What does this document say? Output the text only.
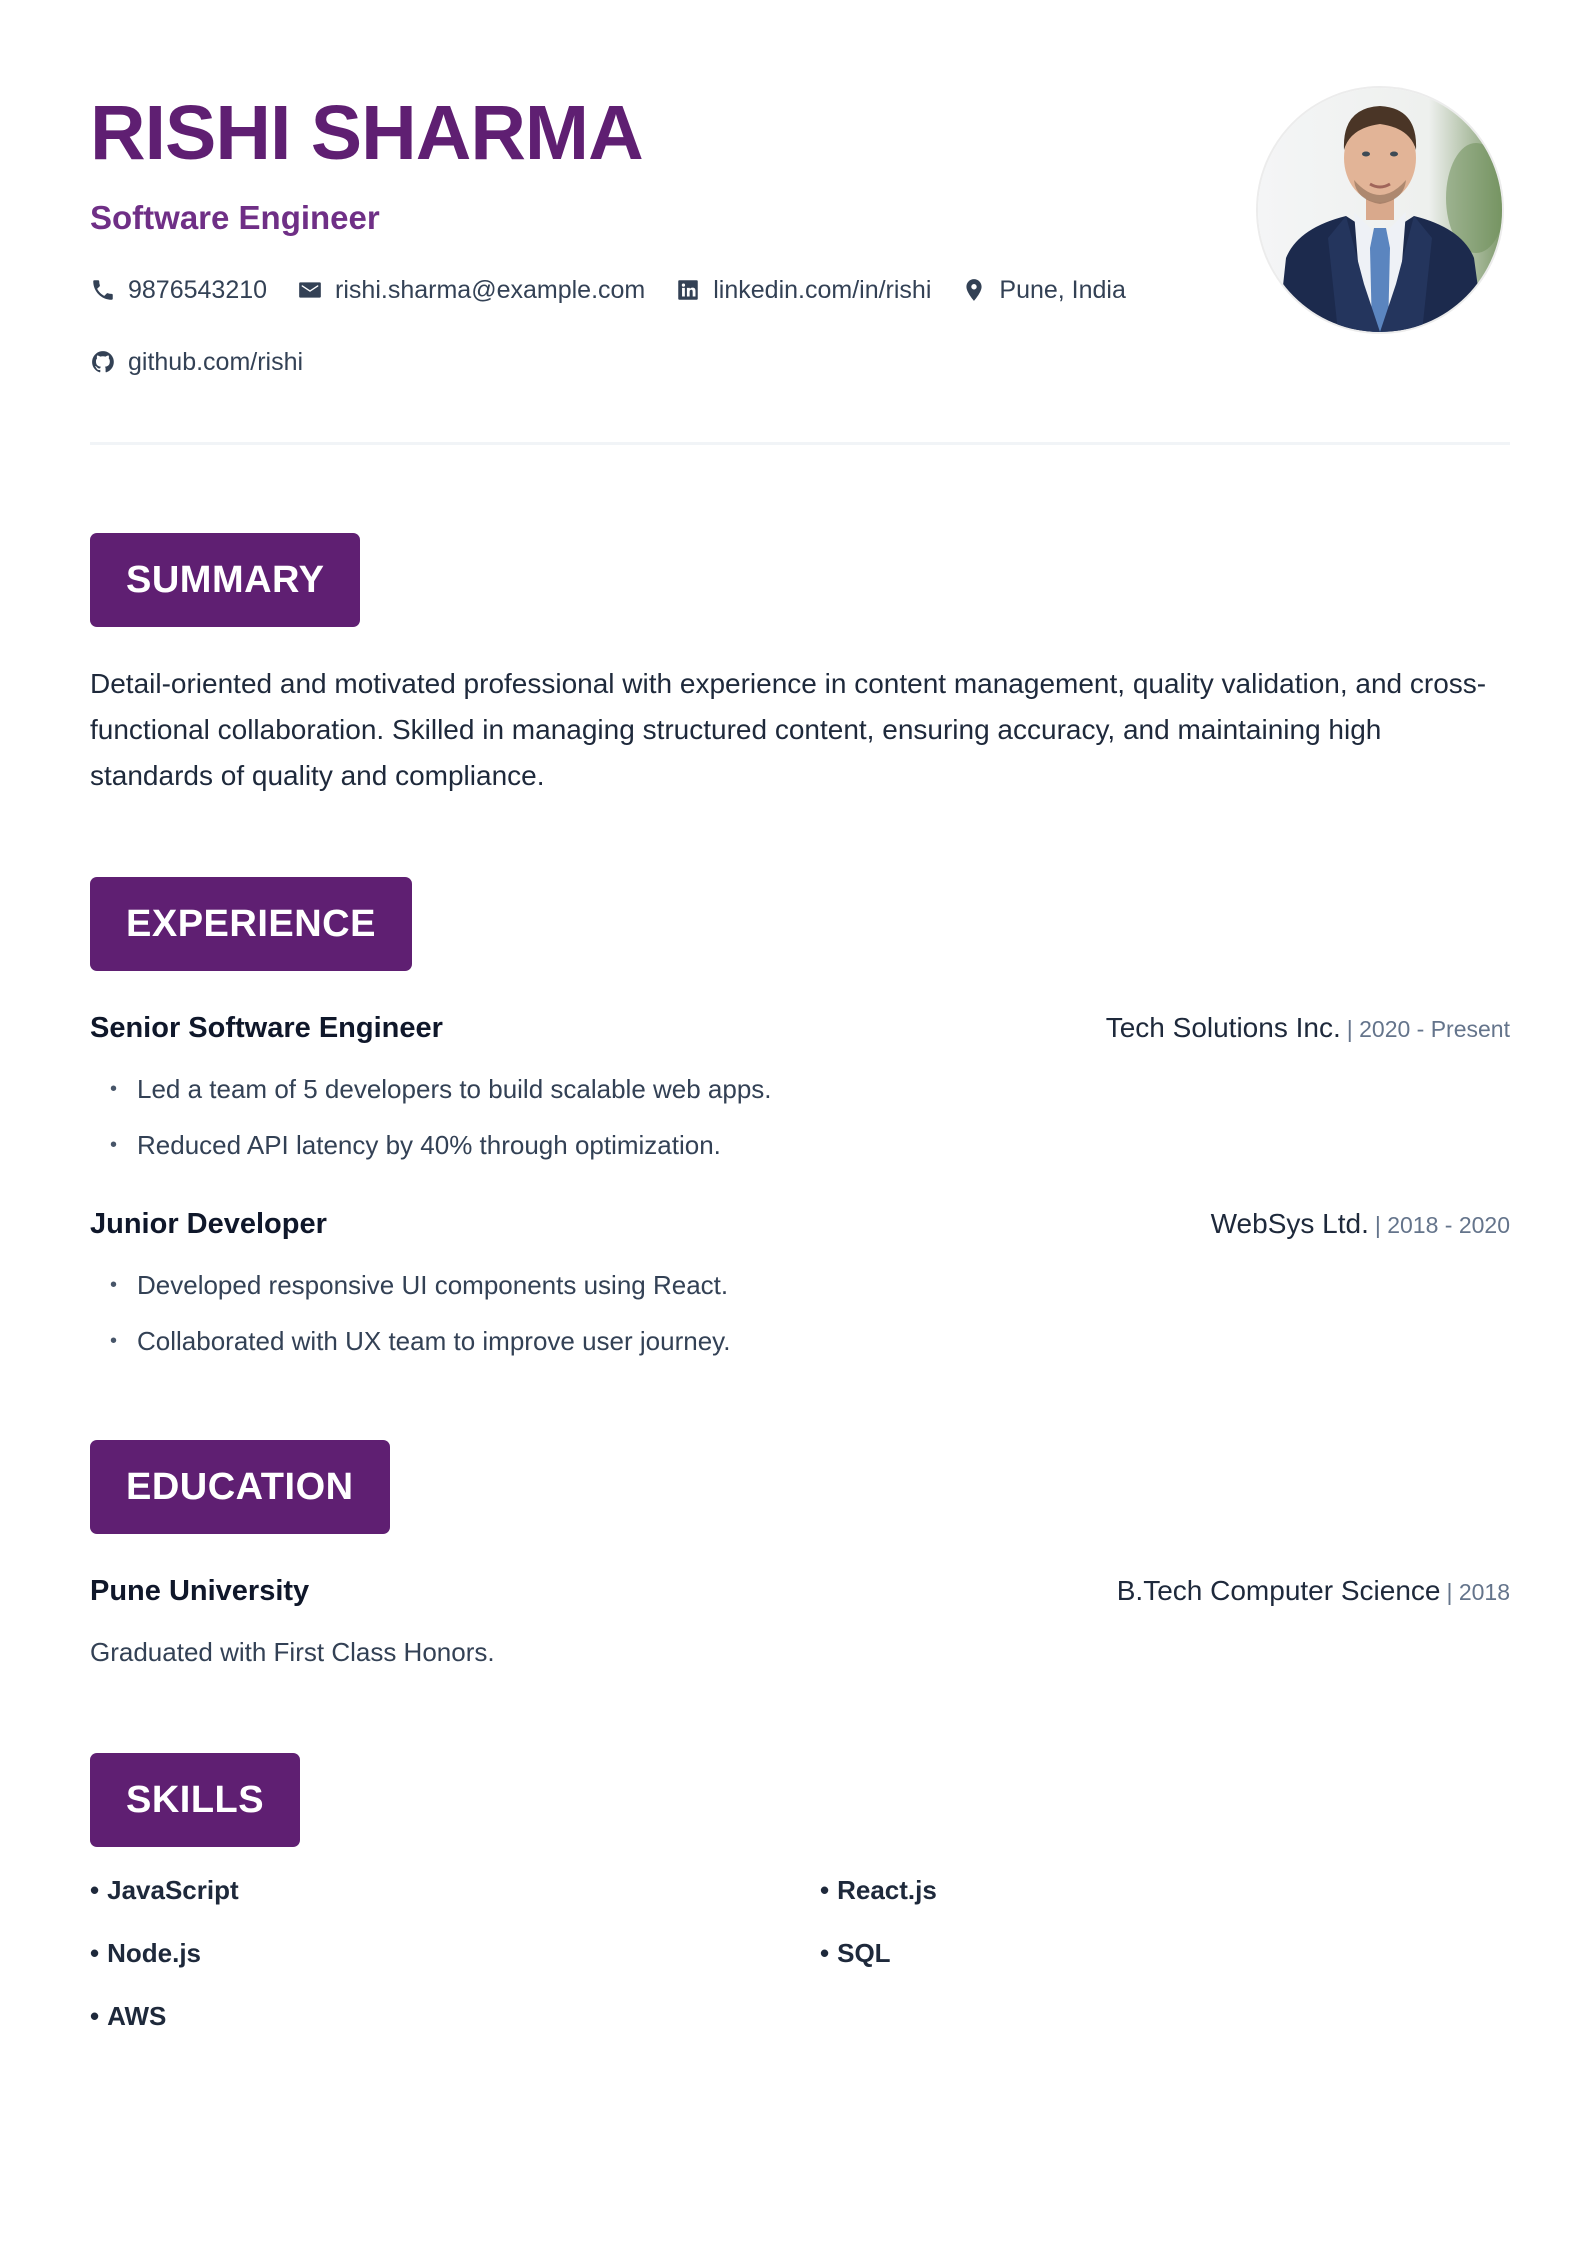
RISHI SHARMA
Software Engineer
9876543210	rishi.sharma@example.com	linkedin.com/in/rishi	Pune, India
github.com/rishi
SUMMARY

Detail-oriented and motivated professional with experience in content management, quality validation, and cross-functional collaboration. Skilled in managing structured content, ensuring accuracy, and maintaining high standards of quality and compliance.

EXPERIENCE
Senior Software Engineer	Tech Solutions Inc. | 2020 - Present
• Led a team of 5 developers to build scalable web apps.
• Reduced API latency by 40% through optimization.
Junior Developer	WebSys Ltd. | 2018 - 2020
• Developed responsive UI components using React.
• Collaborated with UX team to improve user journey.
EDUCATION
Pune University	B.Tech Computer Science | 2018
Graduated with First Class Honors.
SKILLS
• JavaScript	• React.js
• Node.js	• SQL
• AWS
